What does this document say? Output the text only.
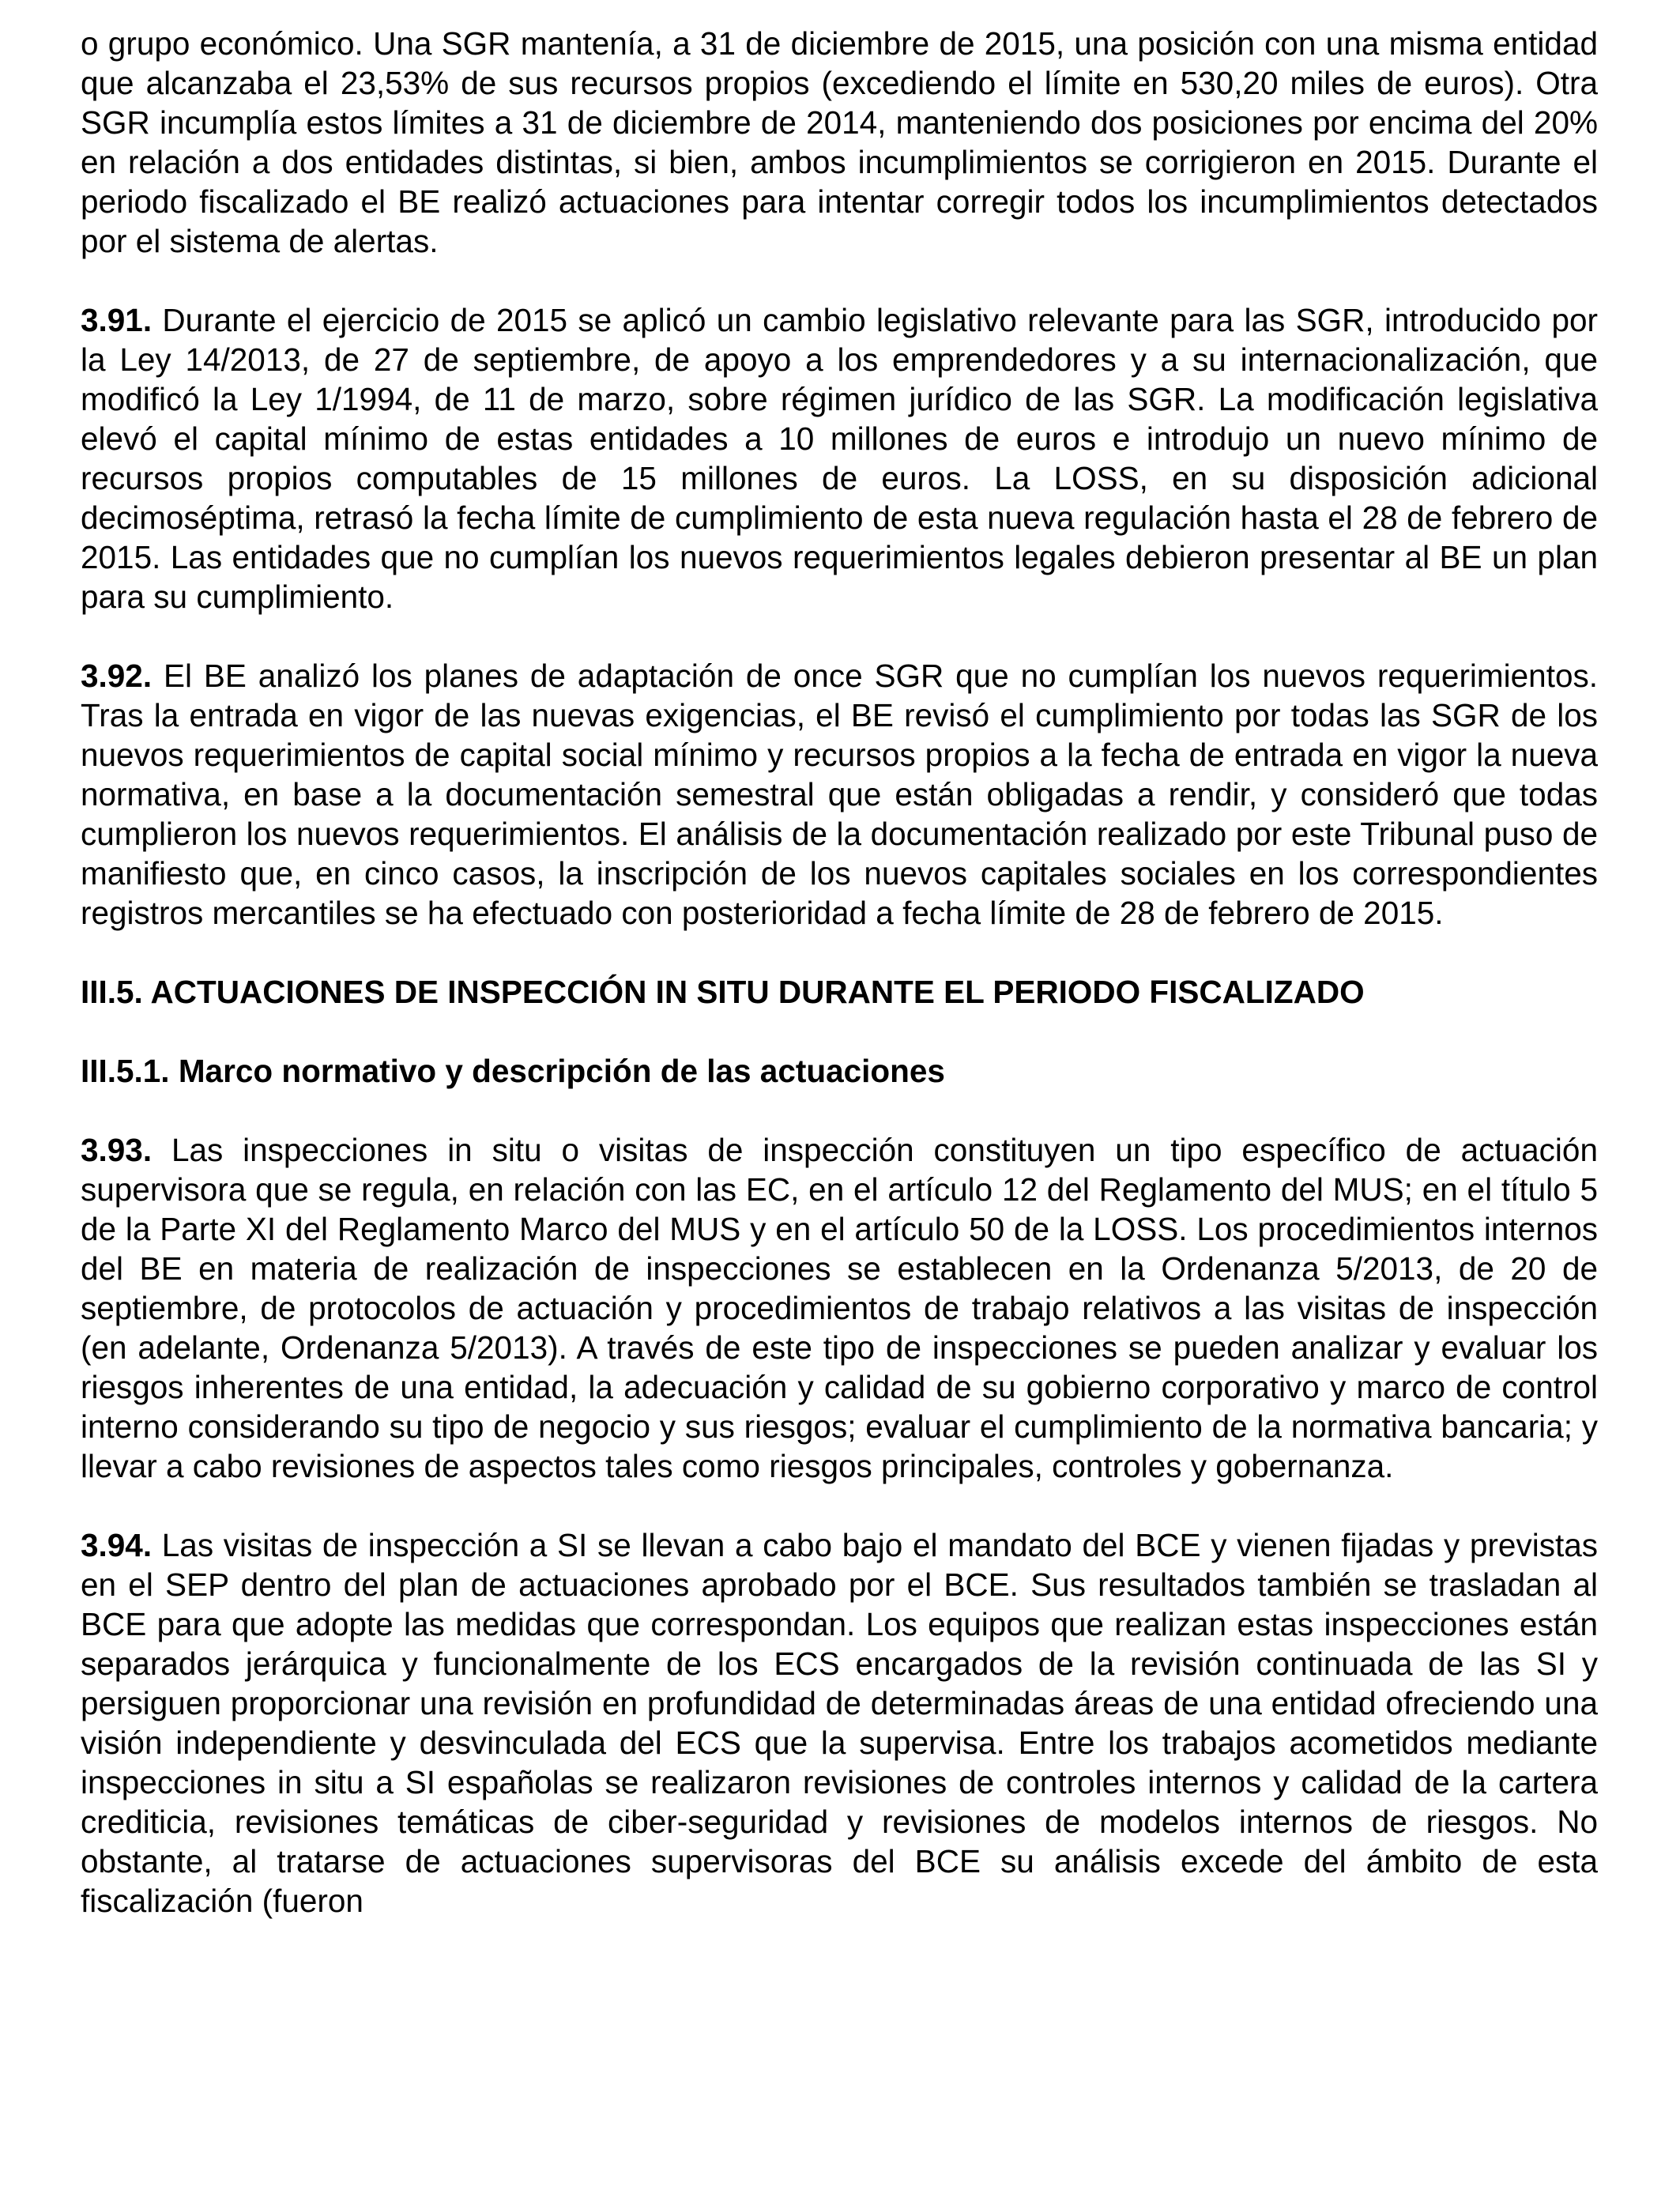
o grupo económico. Una SGR mantenía, a 31 de diciembre de 2015, una posición con una misma entidad que alcanzaba el 23,53% de sus recursos propios (excediendo el límite en 530,20 miles de euros). Otra SGR incumplía estos límites a 31 de diciembre de 2014, manteniendo dos posiciones por encima del 20% en relación a dos entidades distintas, si bien, ambos incumplimientos se corrigieron en 2015. Durante el periodo fiscalizado el BE realizó actuaciones para intentar corregir todos los incumplimientos detectados por el sistema de alertas.

3.91. Durante el ejercicio de 2015 se aplicó un cambio legislativo relevante para las SGR, introducido por la Ley 14/2013, de 27 de septiembre, de apoyo a los emprendedores y a su internacionalización, que modificó la Ley 1/1994, de 11 de marzo, sobre régimen jurídico de las SGR. La modificación legislativa elevó el capital mínimo de estas entidades a 10 millones de euros e introdujo un nuevo mínimo de recursos propios computables de 15 millones de euros. La LOSS, en su disposición adicional decimoséptima, retrasó la fecha límite de cumplimiento de esta nueva regulación hasta el 28 de febrero de 2015. Las entidades que no cumplían los nuevos requerimientos legales debieron presentar al BE un plan para su cumplimiento.

3.92. El BE analizó los planes de adaptación de once SGR que no cumplían los nuevos requerimientos. Tras la entrada en vigor de las nuevas exigencias, el BE revisó el cumplimiento por todas las SGR de los nuevos requerimientos de capital social mínimo y recursos propios a la fecha de entrada en vigor la nueva normativa, en base a la documentación semestral que están obligadas a rendir, y consideró que todas cumplieron los nuevos requerimientos. El análisis de la documentación realizado por este Tribunal puso de manifiesto que, en cinco casos, la inscripción de los nuevos capitales sociales en los correspondientes registros mercantiles se ha efectuado con posterioridad a fecha límite de 28 de febrero de 2015.

III.5. ACTUACIONES DE INSPECCIÓN IN SITU DURANTE EL PERIODO FISCALIZADO
III.5.1. Marco normativo y descripción de las actuaciones

3.93. Las inspecciones in situ o visitas de inspección constituyen un tipo específico de actuación supervisora que se regula, en relación con las EC, en el artículo 12 del Reglamento del MUS; en el título 5 de la Parte XI del Reglamento Marco del MUS y en el artículo 50 de la LOSS. Los procedimientos internos del BE en materia de realización de inspecciones se establecen en la Ordenanza 5/2013, de 20 de septiembre, de protocolos de actuación y procedimientos de trabajo relativos a las visitas de inspección (en adelante, Ordenanza 5/2013). A través de este tipo de inspecciones se pueden analizar y evaluar los riesgos inherentes de una entidad, la adecuación y calidad de su gobierno corporativo y marco de control interno considerando su tipo de negocio y sus riesgos; evaluar el cumplimiento de la normativa bancaria; y llevar a cabo revisiones de aspectos tales como riesgos principales, controles y gobernanza.

3.94. Las visitas de inspección a SI se llevan a cabo bajo el mandato del BCE y vienen fijadas y previstas en el SEP dentro del plan de actuaciones aprobado por el BCE. Sus resultados también se trasladan al BCE para que adopte las medidas que correspondan. Los equipos que realizan estas inspecciones están separados jerárquica y funcionalmente de los ECS encargados de la revisión continuada de las SI y persiguen proporcionar una revisión en profundidad de determinadas áreas de una entidad ofreciendo una visión independiente y desvinculada del ECS que la supervisa. Entre los trabajos acometidos mediante inspecciones in situ a SI españolas se realizaron revisiones de controles internos y calidad de la cartera crediticia, revisiones temáticas de ciber-seguridad y revisiones de modelos internos de riesgos. No obstante, al tratarse de actuaciones supervisoras del BCE su análisis excede del ámbito de esta fiscalización (fueron
